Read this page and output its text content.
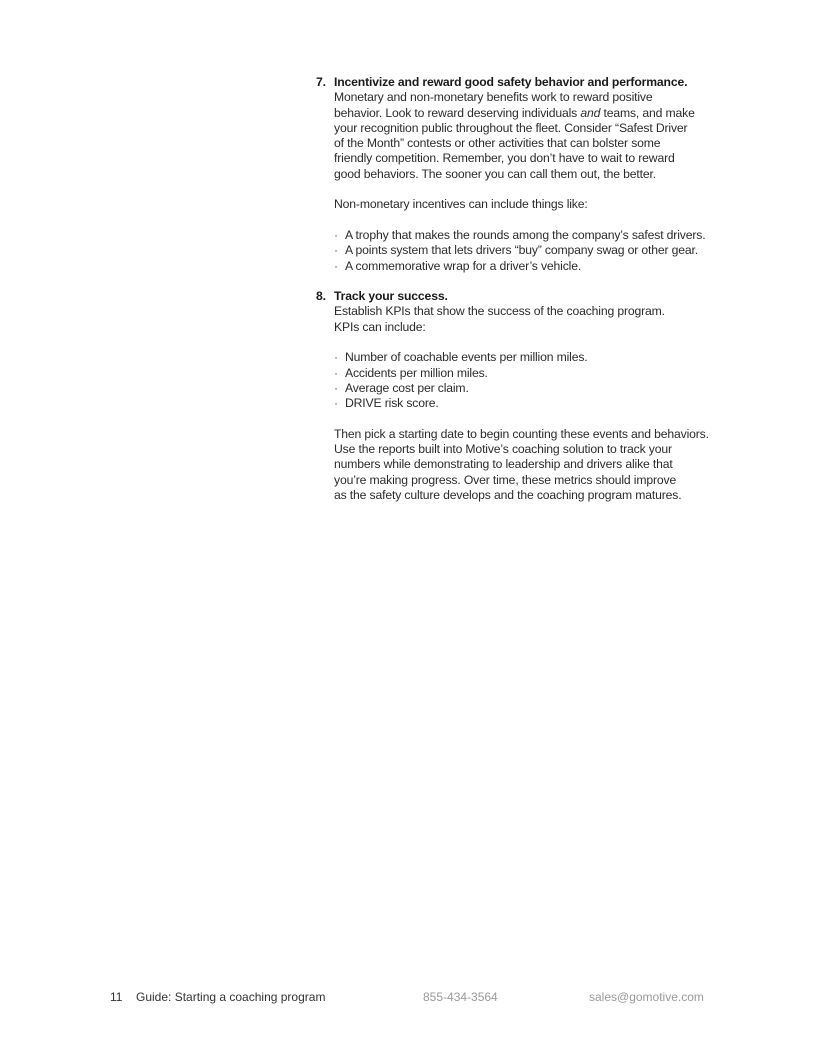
7. Incentivize and reward good safety behavior and performance.
Monetary and non-monetary benefits work to reward positive
behavior. Look to reward deserving individuals and teams, and make
your recognition public throughout the fleet. Consider “Safest Driver
of the Month” contests or other activities that can bolster some
friendly competition. Remember, you don’t have to wait to reward
good behaviors. The sooner you can call them out, the better.
Non-monetary incentives can include things like:
· A trophy that makes the rounds among the company’s safest drivers.
· A points system that lets drivers “buy” company swag or other gear.
· A commemorative wrap for a driver’s vehicle.
8. Track your success.
Establish KPIs that show the success of the coaching program.
KPIs can include:
· Number of coachable events per million miles.
· Accidents per million miles.
· Average cost per claim.
· DRIVE risk score.
Then pick a starting date to begin counting these events and behaviors.
Use the reports built into Motive’s coaching solution to track your
numbers while demonstrating to leadership and drivers alike that
you’re making progress. Over time, these metrics should improve
as the safety culture develops and the coaching program matures.
11 Guide: Starting a coaching program	855-434-3564	sales@gomotive.com
